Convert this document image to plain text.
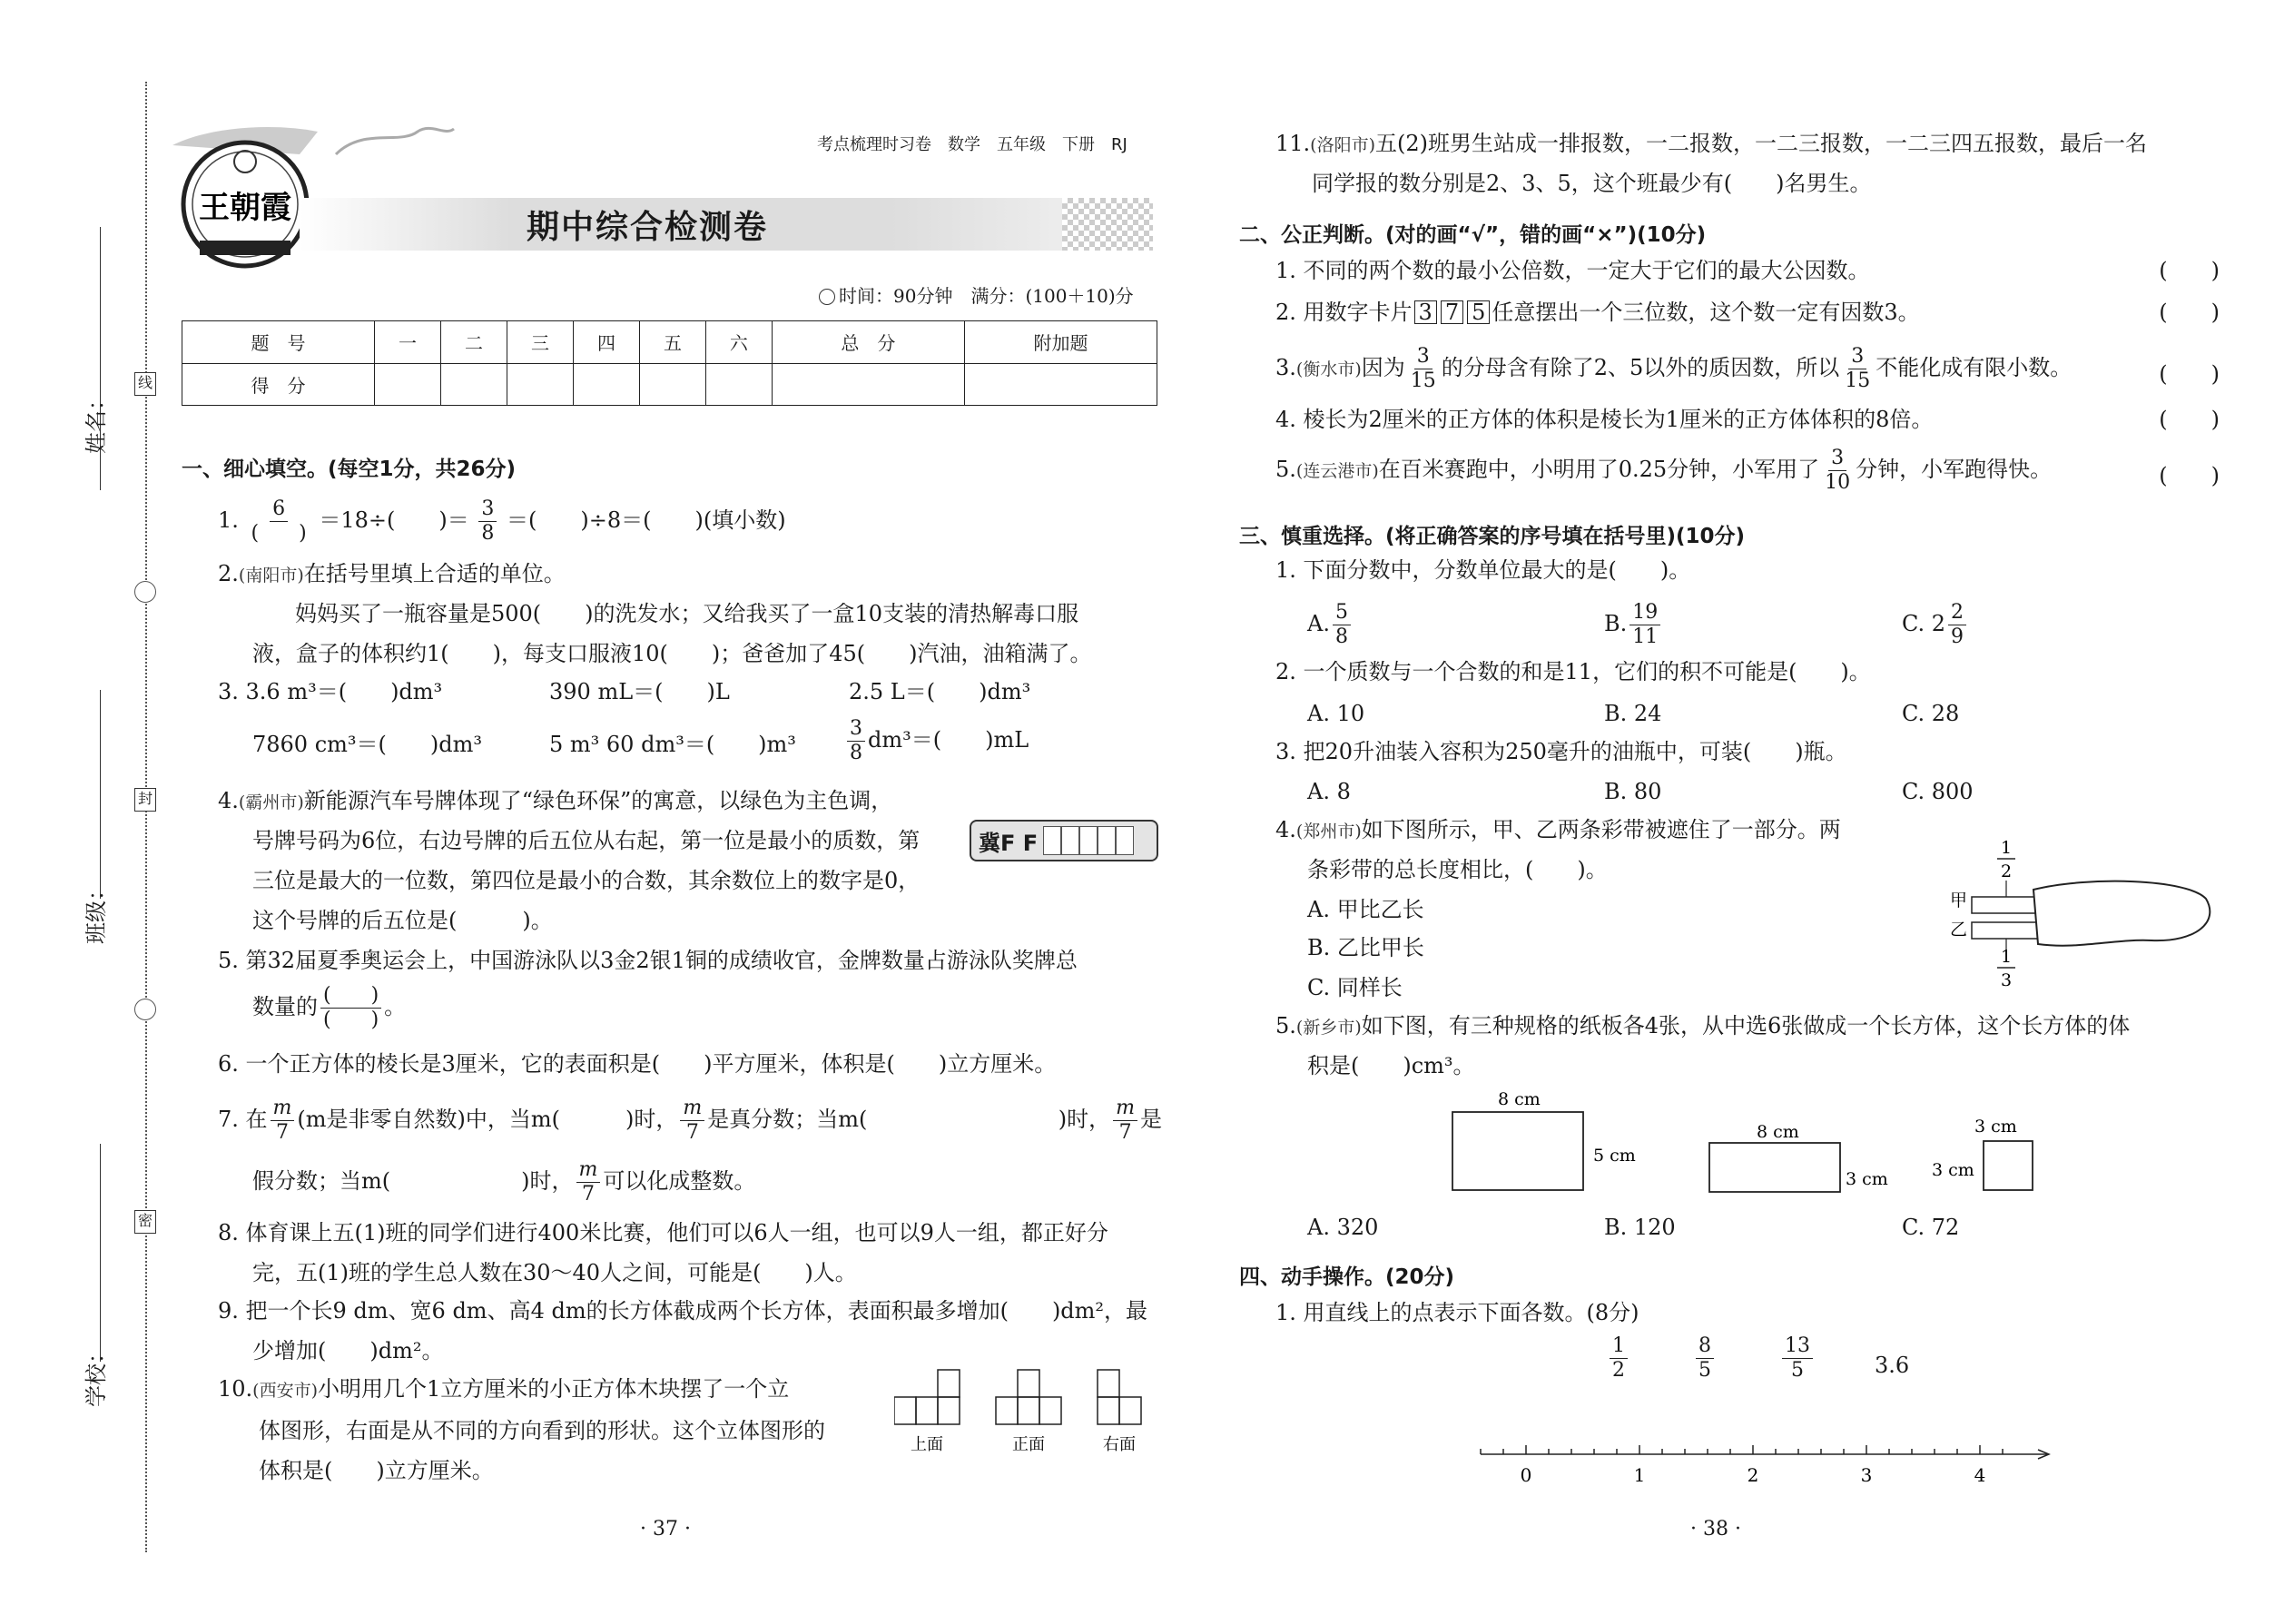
姓名：
班级：
学校：
线
封
密
王朝霞
考点梳理时习卷　数学　五年级　下册　RJ
期中综合检测卷
时间：90分钟　满分：(100＋10)分
题　号	一	二	三	四	五	六	总　分	附加题
得　分								
一、细心填空。(每空1分，共26分)
1. $\frac{6}{( )} =18\div$(　　)＝ $\frac{3}{8}$ ＝(　　)÷8＝(　　)(填小数)
2.(南阳市)在括号里填上合适的单位。
妈妈买了一瓶容量是500(　　)的洗发水；又给我买了一盒10支装的清热解毒口服
液，盒子的体积约1(　　)，每支口服液10(　　)；爸爸加了45(　　)汽油，油箱满了。
3. 3.6 m³＝(　　)dm³	390 mL＝(　　)L	2.5 L＝(　　)dm³
7860 cm³＝(　　)dm³	5 m³ 60 dm³＝(　　)m³	$\frac{3}{8} dm^3=$(　　)mL
4.(霸州市)新能源汽车号牌体现了“绿色环保”的寓意，以绿色为主色调，
号牌号码为6位，右边号牌的后五位从右起，第一位是最小的质数，第
三位是最大的一位数，第四位是最小的合数，其余数位上的数字是0，
这个号牌的后五位是(　　　)。
冀F F
5. 第32届夏季奥运会上，中国游泳队以3金2银1铜的成绩收官，金牌数量占游泳队奖牌总
数量的 $\frac{( )}{( )}$ 。
6. 一个正方体的棱长是3厘米，它的表面积是(　　)平方厘米，体积是(　　)立方厘米。
7. 在 $\frac{m}{7} (m$是非零自然数)中，当m(　　　)时， $\frac{m}{7}$ 是真分数；当m(	)时， $\frac{m}{7}$ 是
假分数；当m(　　　　　　	)时， $\frac{m}{7}$ 可以化成整数。
8. 体育课上五(1)班的同学们进行400米比赛，他们可以6人一组，也可以9人一组，都正好分
完，五(1)班的学生总人数在30～40人之间，可能是(　　)人。
9. 把一个长9 dm、宽6 dm、高4 dm的长方体截成两个长方体，表面积最多增加(　　)dm²，最
少增加(　　)dm²。
10.(西安市)小明用几个1立方厘米的小正方体木块摆了一个立
体图形，右面是从不同的方向看到的形状。这个立体图形的
体积是(　　)立方厘米。
上面	正面	右面
· 37 ·
11.(洛阳市)五(2)班男生站成一排报数，一二报数，一二三报数，一二三四五报数，最后一名
同学报的数分别是2、3、5，这个班最少有(　　)名男生。
二、公正判断。(对的画“√”，错的画“×”)(10分)
1. 不同的两个数的最小公倍数，一定大于它们的最大公因数。	(　　)
2. 用数字卡片 3 7 5 任意摆出一个三位数，这个数一定有因数3。	(　　)
3.(衡水市)因为 $\frac{3}{15}$ 的分母含有除了2、5以外的质因数，所以 $\frac{3}{15}$ 不能化成有限小数。	(　　)
4. 棱长为2厘米的正方体的体积是棱长为1厘米的正方体体积的8倍。	(　　)
5.(连云港市)在百米赛跑中，小明用了0.25分钟，小军用了 $\frac{3}{10}$ 分钟，小军跑得快。	(　　)
三、慎重选择。(将正确答案的序号填在括号里)(10分)
1. 下面分数中，分数单位最大的是(　　)。
A. $\frac{5}{8}$	B. $\frac{19}{11}$	C. $2 \frac{2}{9}$
2. 一个质数与一个合数的和是11，它们的积不可能是(　　)。
A. 10	B. 24	C. 28
3. 把20升油装入容积为250毫升的油瓶中，可装(　　)瓶。
A. 8	B. 80	C. 800
4.(郑州市)如下图所示，甲、乙两条彩带被遮住了一部分。两
条彩带的总长度相比，(　　)。
A. 甲比乙长
B. 乙比甲长
C. 同样长
1
2
甲
乙
1
3
5.(新乡市)如下图，有三种规格的纸板各4张，从中选6张做成一个长方体，这个长方体的体
积是(　　)cm³。
8 cm
5 cm
8 cm
3 cm
3 cm
3 cm
A. 320	B. 120	C. 72
四、动手操作。(20分)
1. 用直线上的点表示下面各数。(8分)
$\frac{1}{2}$	$\frac{8}{5}$	$\frac{13}{5}$	3.6
0	1	2	3	4
· 38 ·
